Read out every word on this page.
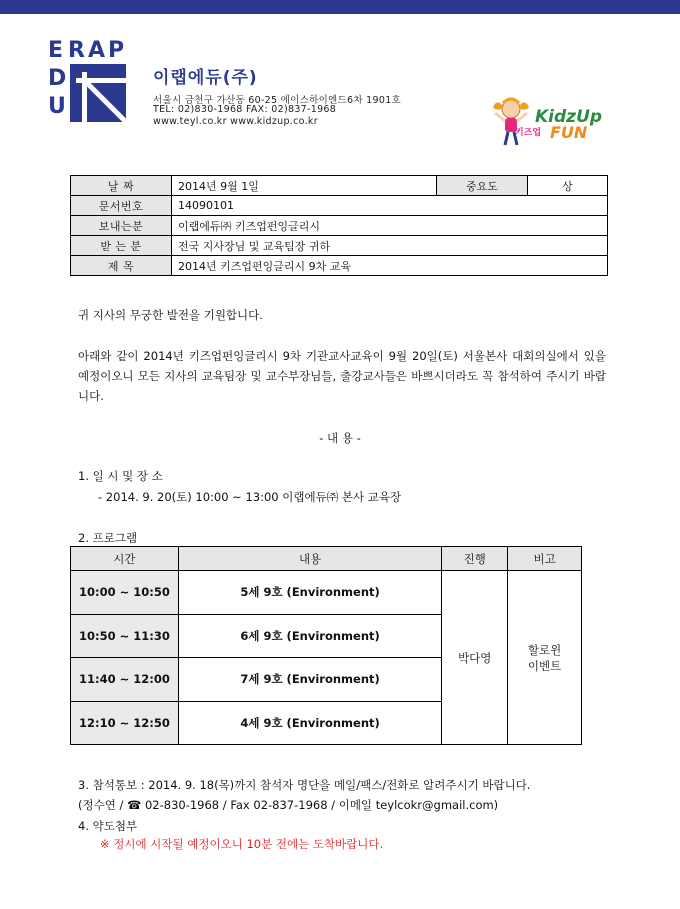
E R A P
D
U
이랩에듀(주)
서울시 금천구 가산동 60-25 에이스하이엔드6차 1901호
TEL: 02)830-1968 FAX: 02)837-1968
www.teyl.co.kr www.kidzup.co.kr	KidzUp
키즈업 FUN
날 짜	2014년 9월 1일	중요도	상
문서번호	14090101		
보내는분	이랩에듀㈜ 키즈업펀잉글리시		
받 는 분	전국 지사장님 및 교육팀장 귀하		
제 목	2014년 키즈업펀잉글리시 9차 교육		
귀 지사의 무궁한 발전을 기원합니다.
아래와 같이 2014년 키즈업펀잉글리시 9차 기관교사교육이 9월 20일(토) 서울본사 대회의실에서 있을 예정이오니 모든 지사의 교육팀장 및 교수부장님들, 출강교사들은 바쁘시더라도 꼭 참석하여 주시기 바랍니다.
- 내 용 -
1. 일 시 및 장 소
- 2014. 9. 20(토) 10:00 ~ 13:00 이랩에듀㈜ 본사 교육장
2. 프로그램
시간	내용	진행	비고
10:00 ~ 10:50	5세 9호 (Environment)	박다영	할로윈
이벤트
10:50 ~ 11:30	6세 9호 (Environment)		
11:40 ~ 12:00	7세 9호 (Environment)		
12:10 ~ 12:50	4세 9호 (Environment)		
3. 참석통보 : 2014. 9. 18(목)까지 참석자 명단을 메일/팩스/전화로 알려주시기 바랍니다.
(정수연 / ☎ 02-830-1968 / Fax 02-837-1968 / 이메일 teylcokr@gmail.com)
4. 약도첨부
※ 정시에 시작될 예정이오니 10분 전에는 도착바랍니다.
